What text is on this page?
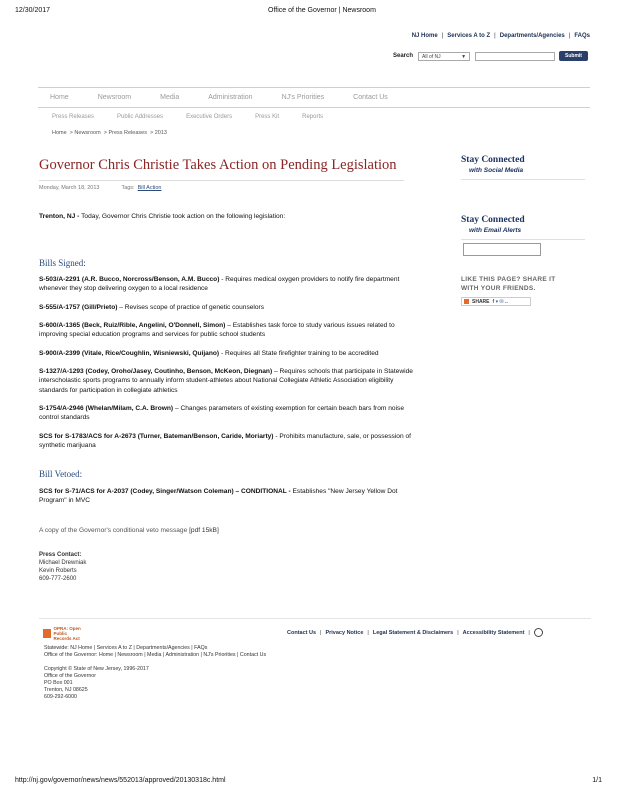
12/30/2017	Office of the Governor | Newsroom
NJ Home | Services A to Z | Departments/Agencies | FAQs
Search	All of NJ	▼	Submit
Home	Newsroom	Media	Administration	NJ's Priorities	Contact Us
Press Releases	Public Addresses	Executive Orders	Press Kit	Reports
Home > Newsroom > Press Releases > 2013
Governor Chris Christie Takes Action on Pending Legislation
Monday, March 18, 2013	Tags: Bill Action
Trenton, NJ - Today, Governor Chris Christie took action on the following legislation:
Bills Signed:
S-503/A-2291 (A.R. Bucco, Norcross/Benson, A.M. Bucco) - Requires medical oxygen providers to notify fire department whenever they stop delivering oxygen to a local residence
S-555/A-1757 (Gill/Prieto) – Revises scope of practice of genetic counselors
S-600/A-1365 (Beck, Ruiz/Rible, Angelini, O'Donnell, Simon) – Establishes task force to study various issues related to improving special education programs and services for public school students
S-900/A-2399 (Vitale, Rice/Coughlin, Wisniewski, Quijano) - Requires all State firefighter training to be accredited
S-1327/A-1293 (Codey, Oroho/Jasey, Coutinho, Benson, McKeon, Diegnan) – Requires schools that participate in Statewide interscholastic sports programs to annually inform student-athletes about National Collegiate Athletic Association eligibility standards for participation in collegiate athletics
S-1754/A-2946 (Whelan/Milam, C.A. Brown) – Changes parameters of existing exemption for certain beach bars from noise control standards
SCS for S-1783/ACS for A-2673 (Turner, Bateman/Benson, Caride, Moriarty) - Prohibits manufacture, sale, or possession of synthetic marijuana
Bill Vetoed:
SCS for S-71/ACS for A-2037 (Codey, Singer/Watson Coleman) – CONDITIONAL - Establishes "New Jersey Yellow Dot Program" in MVC
A copy of the Governor's conditional veto message [pdf 15kB]
Press Contact:
Michael Drewniak
Kevin Roberts
609-777-2600
Stay Connected
with Social Media
Stay Connected
with Email Alerts
LIKE THIS PAGE? SHARE IT
WITH YOUR FRIENDS.
SHARE f ▾ ✉ ..
OPRA: Open
Public Records Act
Contact Us | Privacy Notice | Legal Statement & Disclaimers | Accessibility Statement |
Statewide: NJ Home | Services A to Z | Departments/Agencies | FAQs
Office of the Governor: Home | Newsroom | Media | Administration | NJ's Priorities | Contact Us
Copyright © State of New Jersey, 1996-2017
Office of the Governor
PO Box 001
Trenton, NJ 08625
609-292-6000
http://nj.gov/governor/news/news/552013/approved/20130318c.html	1/1
